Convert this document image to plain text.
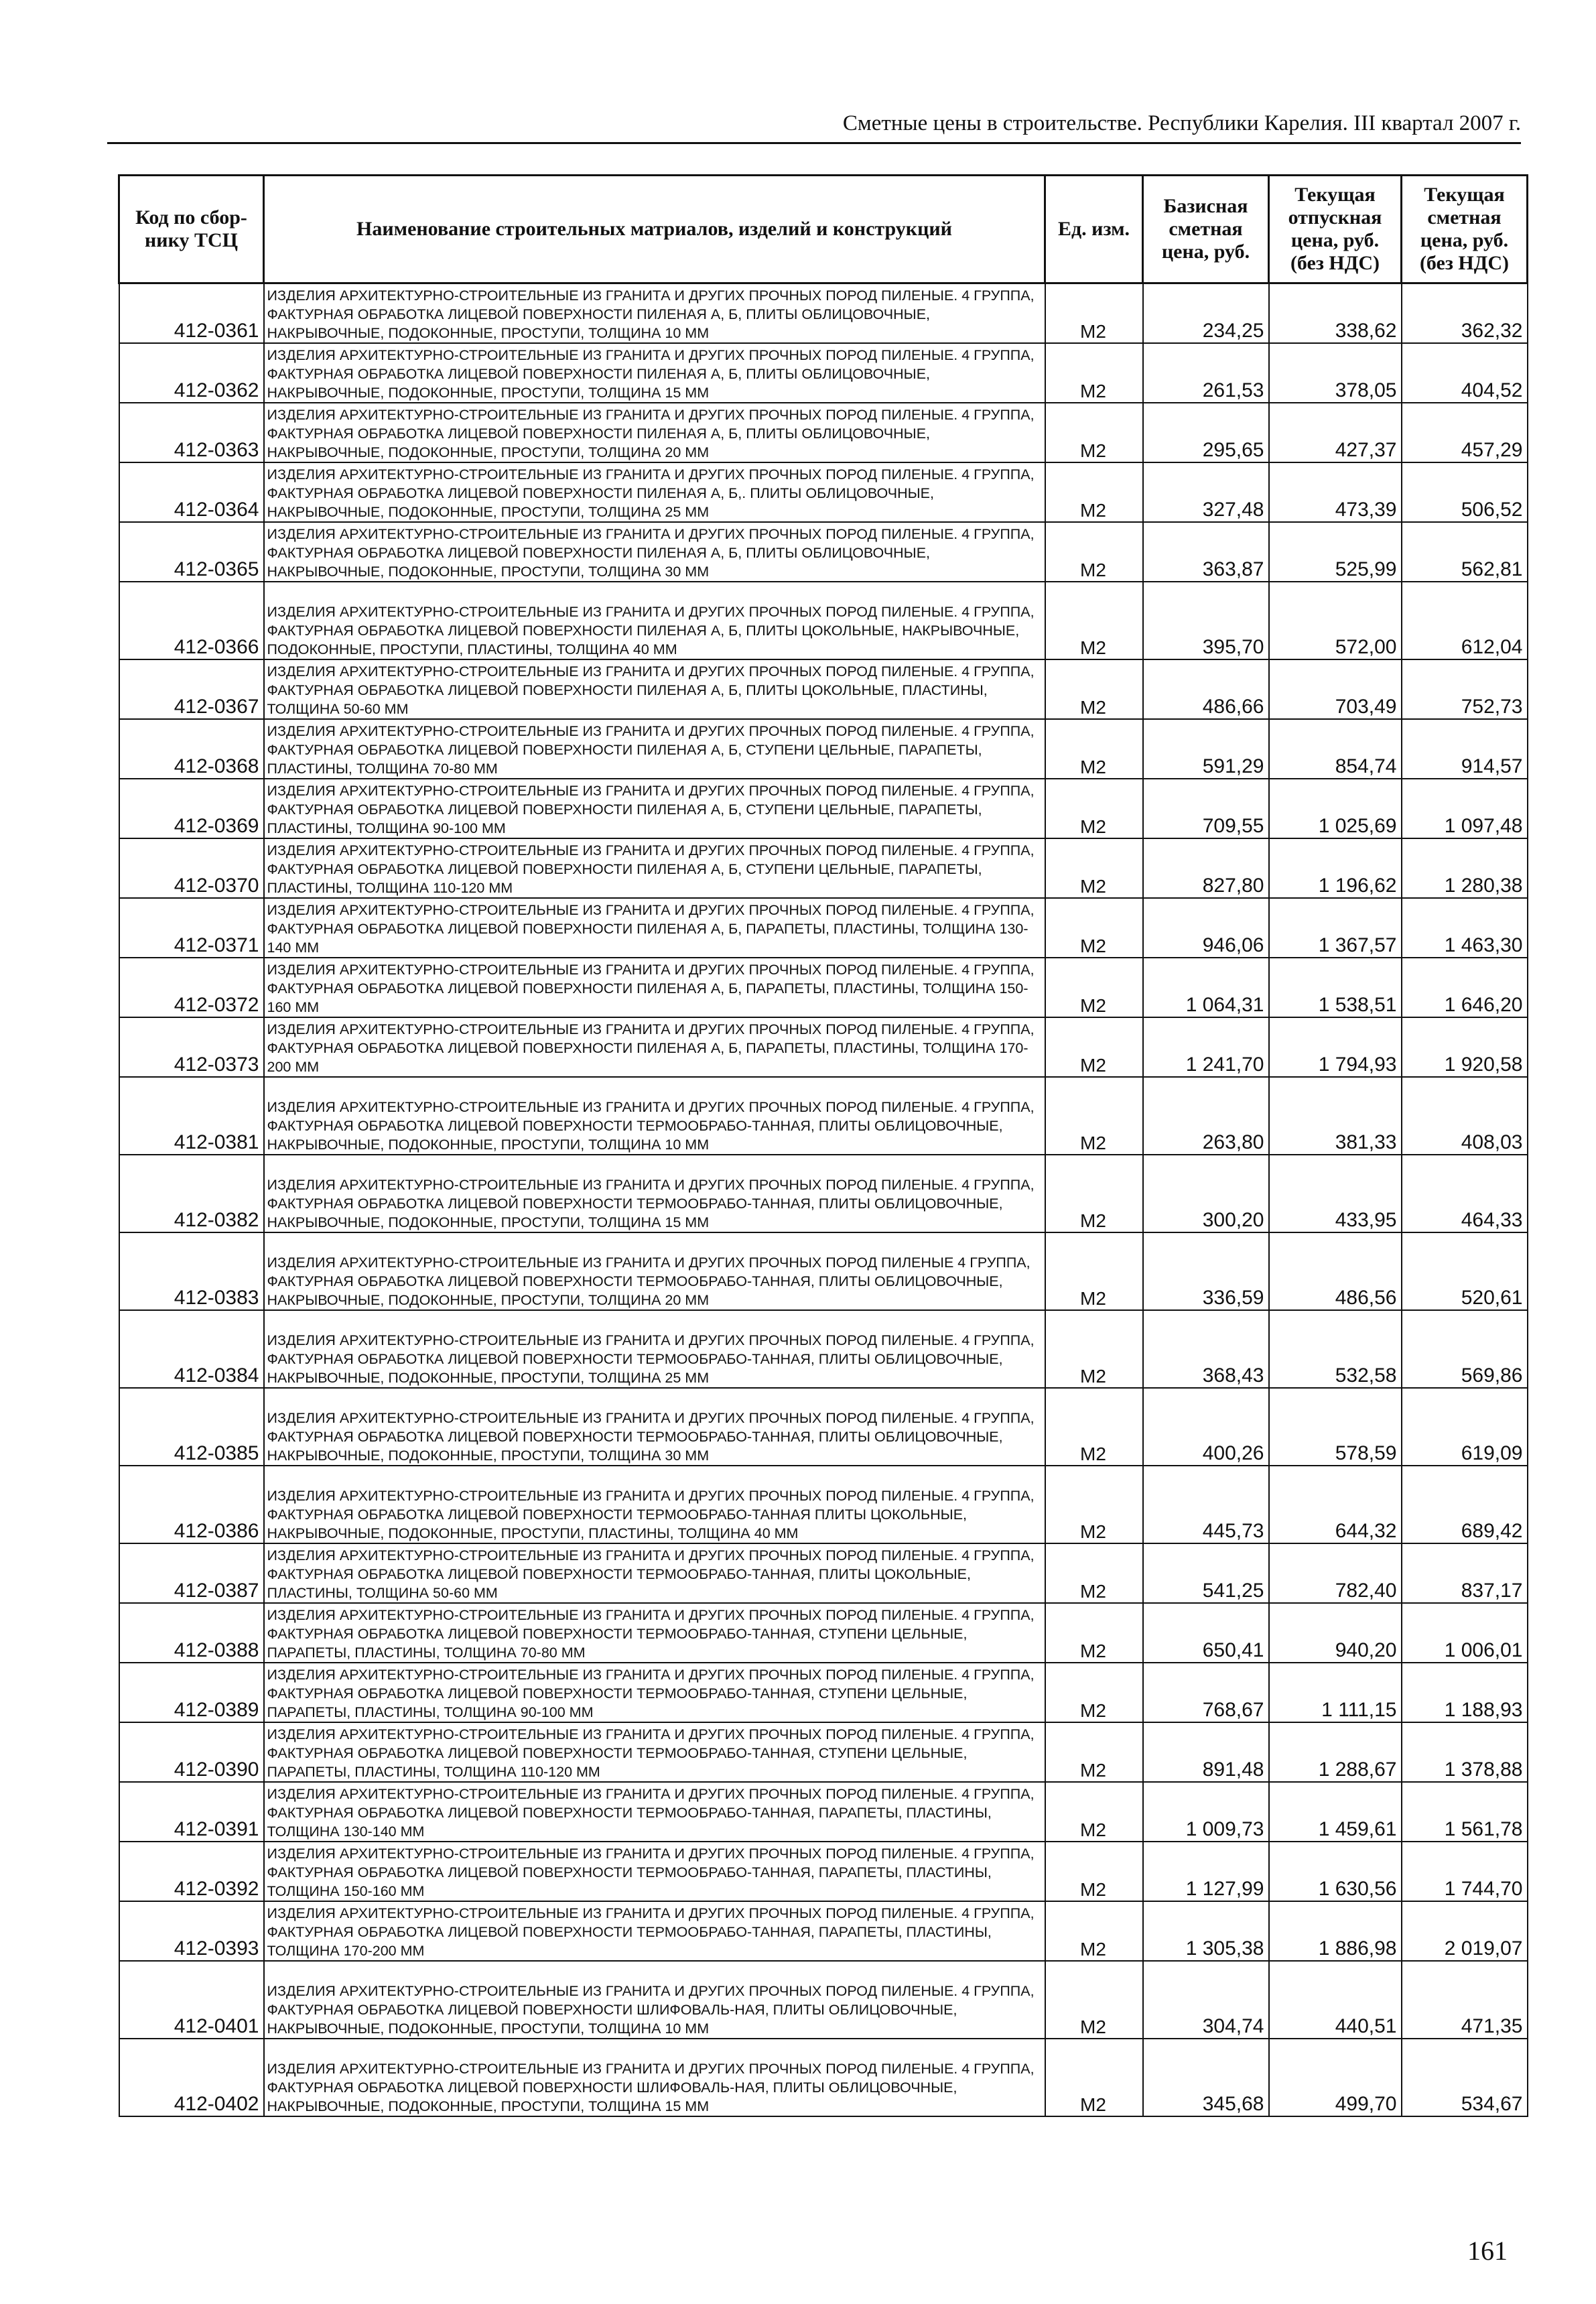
Сметные цены в строительстве. Республики Карелия. III квартал 2007 г.
Код по сбор-нику ТСЦ	Наименование строительных матриалов, изделий и конструкций	Ед. изм.	Базисная сметная цена, руб.	Текущая отпускная цена, руб. (без НДС)	Текущая сметная цена, руб. (без НДС)
412-0361	ИЗДЕЛИЯ АРХИТЕКТУРНО-СТРОИТЕЛЬНЫЕ ИЗ ГРАНИТА И ДРУГИХ ПРОЧНЫХ ПОРОД ПИЛЕНЫЕ. 4 ГРУППА, ФАКТУРНАЯ ОБРАБОТКА ЛИЦЕВОЙ ПОВЕРХНОСТИ ПИЛЕНАЯ А, Б, ПЛИТЫ ОБЛИЦОВОЧНЫЕ, НАКРЫВОЧНЫЕ, ПОДОКОННЫЕ, ПРОСТУПИ, ТОЛЩИНА 10 ММ	М2	234,25	338,62	362,32
412-0362	ИЗДЕЛИЯ АРХИТЕКТУРНО-СТРОИТЕЛЬНЫЕ ИЗ ГРАНИТА И ДРУГИХ ПРОЧНЫХ ПОРОД ПИЛЕНЫЕ. 4 ГРУППА, ФАКТУРНАЯ ОБРАБОТКА ЛИЦЕВОЙ ПОВЕРХНОСТИ ПИЛЕНАЯ А, Б, ПЛИТЫ ОБЛИЦОВОЧНЫЕ, НАКРЫВОЧНЫЕ, ПОДОКОННЫЕ, ПРОСТУПИ, ТОЛЩИНА 15 ММ	М2	261,53	378,05	404,52
412-0363	ИЗДЕЛИЯ АРХИТЕКТУРНО-СТРОИТЕЛЬНЫЕ ИЗ ГРАНИТА И ДРУГИХ ПРОЧНЫХ ПОРОД ПИЛЕНЫЕ. 4 ГРУППА, ФАКТУРНАЯ ОБРАБОТКА ЛИЦЕВОЙ ПОВЕРХНОСТИ ПИЛЕНАЯ А, Б, ПЛИТЫ ОБЛИЦОВОЧНЫЕ, НАКРЫВОЧНЫЕ, ПОДОКОННЫЕ, ПРОСТУПИ, ТОЛЩИНА 20 ММ	М2	295,65	427,37	457,29
412-0364	ИЗДЕЛИЯ АРХИТЕКТУРНО-СТРОИТЕЛЬНЫЕ ИЗ ГРАНИТА И ДРУГИХ ПРОЧНЫХ ПОРОД ПИЛЕНЫЕ. 4 ГРУППА, ФАКТУРНАЯ ОБРАБОТКА ЛИЦЕВОЙ ПОВЕРХНОСТИ ПИЛЕНАЯ А, Б,. ПЛИТЫ ОБЛИЦОВОЧНЫЕ, НАКРЫВОЧНЫЕ, ПОДОКОННЫЕ, ПРОСТУПИ, ТОЛЩИНА 25 ММ	М2	327,48	473,39	506,52
412-0365	ИЗДЕЛИЯ АРХИТЕКТУРНО-СТРОИТЕЛЬНЫЕ ИЗ ГРАНИТА И ДРУГИХ ПРОЧНЫХ ПОРОД ПИЛЕНЫЕ. 4 ГРУППА, ФАКТУРНАЯ ОБРАБОТКА ЛИЦЕВОЙ ПОВЕРХНОСТИ ПИЛЕНАЯ А, Б, ПЛИТЫ ОБЛИЦОВОЧНЫЕ, НАКРЫВОЧНЫЕ, ПОДОКОННЫЕ, ПРОСТУПИ, ТОЛЩИНА 30 ММ	М2	363,87	525,99	562,81
412-0366	ИЗДЕЛИЯ АРХИТЕКТУРНО-СТРОИТЕЛЬНЫЕ ИЗ ГРАНИТА И ДРУГИХ ПРОЧНЫХ ПОРОД ПИЛЕНЫЕ. 4 ГРУППА, ФАКТУРНАЯ ОБРАБОТКА ЛИЦЕВОЙ ПОВЕРХНОСТИ ПИЛЕНАЯ А, Б, ПЛИТЫ ЦОКОЛЬНЫЕ, НАКРЫВОЧНЫЕ, ПОДОКОННЫЕ, ПРОСТУПИ, ПЛАСТИНЫ, ТОЛЩИНА 40 ММ	М2	395,70	572,00	612,04
412-0367	ИЗДЕЛИЯ АРХИТЕКТУРНО-СТРОИТЕЛЬНЫЕ ИЗ ГРАНИТА И ДРУГИХ ПРОЧНЫХ ПОРОД ПИЛЕНЫЕ. 4 ГРУППА, ФАКТУРНАЯ ОБРАБОТКА ЛИЦЕВОЙ ПОВЕРХНОСТИ ПИЛЕНАЯ А, Б, ПЛИТЫ ЦОКОЛЬНЫЕ, ПЛАСТИНЫ, ТОЛЩИНА 50-60 ММ	М2	486,66	703,49	752,73
412-0368	ИЗДЕЛИЯ АРХИТЕКТУРНО-СТРОИТЕЛЬНЫЕ ИЗ ГРАНИТА И ДРУГИХ ПРОЧНЫХ ПОРОД ПИЛЕНЫЕ. 4 ГРУППА, ФАКТУРНАЯ ОБРАБОТКА ЛИЦЕВОЙ ПОВЕРХНОСТИ ПИЛЕНАЯ А, Б, СТУПЕНИ ЦЕЛЬНЫЕ, ПАРАПЕТЫ, ПЛАСТИНЫ, ТОЛЩИНА 70-80 ММ	М2	591,29	854,74	914,57
412-0369	ИЗДЕЛИЯ АРХИТЕКТУРНО-СТРОИТЕЛЬНЫЕ ИЗ ГРАНИТА И ДРУГИХ ПРОЧНЫХ ПОРОД ПИЛЕНЫЕ. 4 ГРУППА, ФАКТУРНАЯ ОБРАБОТКА ЛИЦЕВОЙ ПОВЕРХНОСТИ ПИЛЕНАЯ А, Б, СТУПЕНИ ЦЕЛЬНЫЕ, ПАРАПЕТЫ, ПЛАСТИНЫ, ТОЛЩИНА 90-100 ММ	М2	709,55	1 025,69	1 097,48
412-0370	ИЗДЕЛИЯ АРХИТЕКТУРНО-СТРОИТЕЛЬНЫЕ ИЗ ГРАНИТА И ДРУГИХ ПРОЧНЫХ ПОРОД ПИЛЕНЫЕ. 4 ГРУППА, ФАКТУРНАЯ ОБРАБОТКА ЛИЦЕВОЙ ПОВЕРХНОСТИ ПИЛЕНАЯ А, Б, СТУПЕНИ ЦЕЛЬНЫЕ, ПАРАПЕТЫ, ПЛАСТИНЫ, ТОЛЩИНА 110-120 ММ	М2	827,80	1 196,62	1 280,38
412-0371	ИЗДЕЛИЯ АРХИТЕКТУРНО-СТРОИТЕЛЬНЫЕ ИЗ ГРАНИТА И ДРУГИХ ПРОЧНЫХ ПОРОД ПИЛЕНЫЕ. 4 ГРУППА, ФАКТУРНАЯ ОБРАБОТКА ЛИЦЕВОЙ ПОВЕРХНОСТИ ПИЛЕНАЯ А, Б, ПАРАПЕТЫ, ПЛАСТИНЫ, ТОЛЩИНА 130-140 ММ	М2	946,06	1 367,57	1 463,30
412-0372	ИЗДЕЛИЯ АРХИТЕКТУРНО-СТРОИТЕЛЬНЫЕ ИЗ ГРАНИТА И ДРУГИХ ПРОЧНЫХ ПОРОД ПИЛЕНЫЕ. 4 ГРУППА, ФАКТУРНАЯ ОБРАБОТКА ЛИЦЕВОЙ ПОВЕРХНОСТИ ПИЛЕНАЯ А, Б, ПАРАПЕТЫ, ПЛАСТИНЫ, ТОЛЩИНА 150-160 ММ	М2	1 064,31	1 538,51	1 646,20
412-0373	ИЗДЕЛИЯ АРХИТЕКТУРНО-СТРОИТЕЛЬНЫЕ ИЗ ГРАНИТА И ДРУГИХ ПРОЧНЫХ ПОРОД ПИЛЕНЫЕ. 4 ГРУППА, ФАКТУРНАЯ ОБРАБОТКА ЛИЦЕВОЙ ПОВЕРХНОСТИ ПИЛЕНАЯ А, Б, ПАРАПЕТЫ, ПЛАСТИНЫ, ТОЛЩИНА 170-200 ММ	М2	1 241,70	1 794,93	1 920,58
412-0381	ИЗДЕЛИЯ АРХИТЕКТУРНО-СТРОИТЕЛЬНЫЕ ИЗ ГРАНИТА И ДРУГИХ ПРОЧНЫХ ПОРОД ПИЛЕНЫЕ. 4 ГРУППА, ФАКТУРНАЯ ОБРАБОТКА ЛИЦЕВОЙ ПОВЕРХНОСТИ ТЕРМООБРАБО-ТАННАЯ, ПЛИТЫ ОБЛИЦОВОЧНЫЕ, НАКРЫВОЧНЫЕ, ПОДОКОННЫЕ, ПРОСТУПИ, ТОЛЩИНА 10 ММ	М2	263,80	381,33	408,03
412-0382	ИЗДЕЛИЯ АРХИТЕКТУРНО-СТРОИТЕЛЬНЫЕ ИЗ ГРАНИТА И ДРУГИХ ПРОЧНЫХ ПОРОД ПИЛЕНЫЕ. 4 ГРУППА, ФАКТУРНАЯ ОБРАБОТКА ЛИЦЕВОЙ ПОВЕРХНОСТИ ТЕРМООБРАБО-ТАННАЯ, ПЛИТЫ ОБЛИЦОВОЧНЫЕ, НАКРЫВОЧНЫЕ, ПОДОКОННЫЕ, ПРОСТУПИ, ТОЛЩИНА 15 ММ	М2	300,20	433,95	464,33
412-0383	ИЗДЕЛИЯ АРХИТЕКТУРНО-СТРОИТЕЛЬНЫЕ ИЗ ГРАНИТА И ДРУГИХ ПРОЧНЫХ ПОРОД ПИЛЕНЫЕ 4 ГРУППА, ФАКТУРНАЯ ОБРАБОТКА ЛИЦЕВОЙ ПОВЕРХНОСТИ ТЕРМООБРАБО-ТАННАЯ, ПЛИТЫ ОБЛИЦОВОЧНЫЕ, НАКРЫВОЧНЫЕ, ПОДОКОННЫЕ, ПРОСТУПИ, ТОЛЩИНА 20 ММ	М2	336,59	486,56	520,61
412-0384	ИЗДЕЛИЯ АРХИТЕКТУРНО-СТРОИТЕЛЬНЫЕ ИЗ ГРАНИТА И ДРУГИХ ПРОЧНЫХ ПОРОД ПИЛЕНЫЕ. 4 ГРУППА, ФАКТУРНАЯ ОБРАБОТКА ЛИЦЕВОЙ ПОВЕРХНОСТИ ТЕРМООБРАБО-ТАННАЯ, ПЛИТЫ ОБЛИЦОВОЧНЫЕ, НАКРЫВОЧНЫЕ, ПОДОКОННЫЕ, ПРОСТУПИ, ТОЛЩИНА 25 ММ	М2	368,43	532,58	569,86
412-0385	ИЗДЕЛИЯ АРХИТЕКТУРНО-СТРОИТЕЛЬНЫЕ ИЗ ГРАНИТА И ДРУГИХ ПРОЧНЫХ ПОРОД ПИЛЕНЫЕ. 4 ГРУППА, ФАКТУРНАЯ ОБРАБОТКА ЛИЦЕВОЙ ПОВЕРХНОСТИ ТЕРМООБРАБО-ТАННАЯ, ПЛИТЫ ОБЛИЦОВОЧНЫЕ, НАКРЫВОЧНЫЕ, ПОДОКОННЫЕ, ПРОСТУПИ, ТОЛЩИНА 30 ММ	М2	400,26	578,59	619,09
412-0386	ИЗДЕЛИЯ АРХИТЕКТУРНО-СТРОИТЕЛЬНЫЕ ИЗ ГРАНИТА И ДРУГИХ ПРОЧНЫХ ПОРОД ПИЛЕНЫЕ. 4 ГРУППА, ФАКТУРНАЯ ОБРАБОТКА ЛИЦЕВОЙ ПОВЕРХНОСТИ ТЕРМООБРАБО-ТАННАЯ ПЛИТЫ ЦОКОЛЬНЫЕ, НАКРЫВОЧНЫЕ, ПОДОКОННЫЕ, ПРОСТУПИ, ПЛАСТИНЫ, ТОЛЩИНА 40 ММ	М2	445,73	644,32	689,42
412-0387	ИЗДЕЛИЯ АРХИТЕКТУРНО-СТРОИТЕЛЬНЫЕ ИЗ ГРАНИТА И ДРУГИХ ПРОЧНЫХ ПОРОД ПИЛЕНЫЕ. 4 ГРУППА, ФАКТУРНАЯ ОБРАБОТКА ЛИЦЕВОЙ ПОВЕРХНОСТИ ТЕРМООБРАБО-ТАННАЯ, ПЛИТЫ ЦОКОЛЬНЫЕ, ПЛАСТИНЫ, ТОЛЩИНА 50-60 ММ	М2	541,25	782,40	837,17
412-0388	ИЗДЕЛИЯ АРХИТЕКТУРНО-СТРОИТЕЛЬНЫЕ ИЗ ГРАНИТА И ДРУГИХ ПРОЧНЫХ ПОРОД ПИЛЕНЫЕ. 4 ГРУППА, ФАКТУРНАЯ ОБРАБОТКА ЛИЦЕВОЙ ПОВЕРХНОСТИ ТЕРМООБРАБО-ТАННАЯ, СТУПЕНИ ЦЕЛЬНЫЕ, ПАРАПЕТЫ, ПЛАСТИНЫ, ТОЛЩИНА 70-80 ММ	М2	650,41	940,20	1 006,01
412-0389	ИЗДЕЛИЯ АРХИТЕКТУРНО-СТРОИТЕЛЬНЫЕ ИЗ ГРАНИТА И ДРУГИХ ПРОЧНЫХ ПОРОД ПИЛЕНЫЕ. 4 ГРУППА, ФАКТУРНАЯ ОБРАБОТКА ЛИЦЕВОЙ ПОВЕРХНОСТИ ТЕРМООБРАБО-ТАННАЯ, СТУПЕНИ ЦЕЛЬНЫЕ, ПАРАПЕТЫ, ПЛАСТИНЫ, ТОЛЩИНА 90-100 ММ	М2	768,67	1 111,15	1 188,93
412-0390	ИЗДЕЛИЯ АРХИТЕКТУРНО-СТРОИТЕЛЬНЫЕ ИЗ ГРАНИТА И ДРУГИХ ПРОЧНЫХ ПОРОД ПИЛЕНЫЕ. 4 ГРУППА, ФАКТУРНАЯ ОБРАБОТКА ЛИЦЕВОЙ ПОВЕРХНОСТИ ТЕРМООБРАБО-ТАННАЯ, СТУПЕНИ ЦЕЛЬНЫЕ, ПАРАПЕТЫ, ПЛАСТИНЫ, ТОЛЩИНА 110-120 ММ	М2	891,48	1 288,67	1 378,88
412-0391	ИЗДЕЛИЯ АРХИТЕКТУРНО-СТРОИТЕЛЬНЫЕ ИЗ ГРАНИТА И ДРУГИХ ПРОЧНЫХ ПОРОД ПИЛЕНЫЕ. 4 ГРУППА, ФАКТУРНАЯ ОБРАБОТКА ЛИЦЕВОЙ ПОВЕРХНОСТИ ТЕРМООБРАБО-ТАННАЯ, ПАРАПЕТЫ, ПЛАСТИНЫ, ТОЛЩИНА 130-140 ММ	М2	1 009,73	1 459,61	1 561,78
412-0392	ИЗДЕЛИЯ АРХИТЕКТУРНО-СТРОИТЕЛЬНЫЕ ИЗ ГРАНИТА И ДРУГИХ ПРОЧНЫХ ПОРОД ПИЛЕНЫЕ. 4 ГРУППА, ФАКТУРНАЯ ОБРАБОТКА ЛИЦЕВОЙ ПОВЕРХНОСТИ ТЕРМООБРАБО-ТАННАЯ, ПАРАПЕТЫ, ПЛАСТИНЫ, ТОЛЩИНА 150-160 ММ	М2	1 127,99	1 630,56	1 744,70
412-0393	ИЗДЕЛИЯ АРХИТЕКТУРНО-СТРОИТЕЛЬНЫЕ ИЗ ГРАНИТА И ДРУГИХ ПРОЧНЫХ ПОРОД ПИЛЕНЫЕ. 4 ГРУППА, ФАКТУРНАЯ ОБРАБОТКА ЛИЦЕВОЙ ПОВЕРХНОСТИ ТЕРМООБРАБО-ТАННАЯ, ПАРАПЕТЫ, ПЛАСТИНЫ, ТОЛЩИНА 170-200 ММ	М2	1 305,38	1 886,98	2 019,07
412-0401	ИЗДЕЛИЯ АРХИТЕКТУРНО-СТРОИТЕЛЬНЫЕ ИЗ ГРАНИТА И ДРУГИХ ПРОЧНЫХ ПОРОД ПИЛЕНЫЕ. 4 ГРУППА, ФАКТУРНАЯ ОБРАБОТКА ЛИЦЕВОЙ ПОВЕРХНОСТИ ШЛИФОВАЛЬ-НАЯ, ПЛИТЫ ОБЛИЦОВОЧНЫЕ, НАКРЫВОЧНЫЕ, ПОДОКОННЫЕ, ПРОСТУПИ, ТОЛЩИНА 10 ММ	М2	304,74	440,51	471,35
412-0402	ИЗДЕЛИЯ АРХИТЕКТУРНО-СТРОИТЕЛЬНЫЕ ИЗ ГРАНИТА И ДРУГИХ ПРОЧНЫХ ПОРОД ПИЛЕНЫЕ. 4 ГРУППА, ФАКТУРНАЯ ОБРАБОТКА ЛИЦЕВОЙ ПОВЕРХНОСТИ ШЛИФОВАЛЬ-НАЯ, ПЛИТЫ ОБЛИЦОВОЧНЫЕ, НАКРЫВОЧНЫЕ, ПОДОКОННЫЕ, ПРОСТУПИ, ТОЛЩИНА 15 ММ	М2	345,68	499,70	534,67
161
